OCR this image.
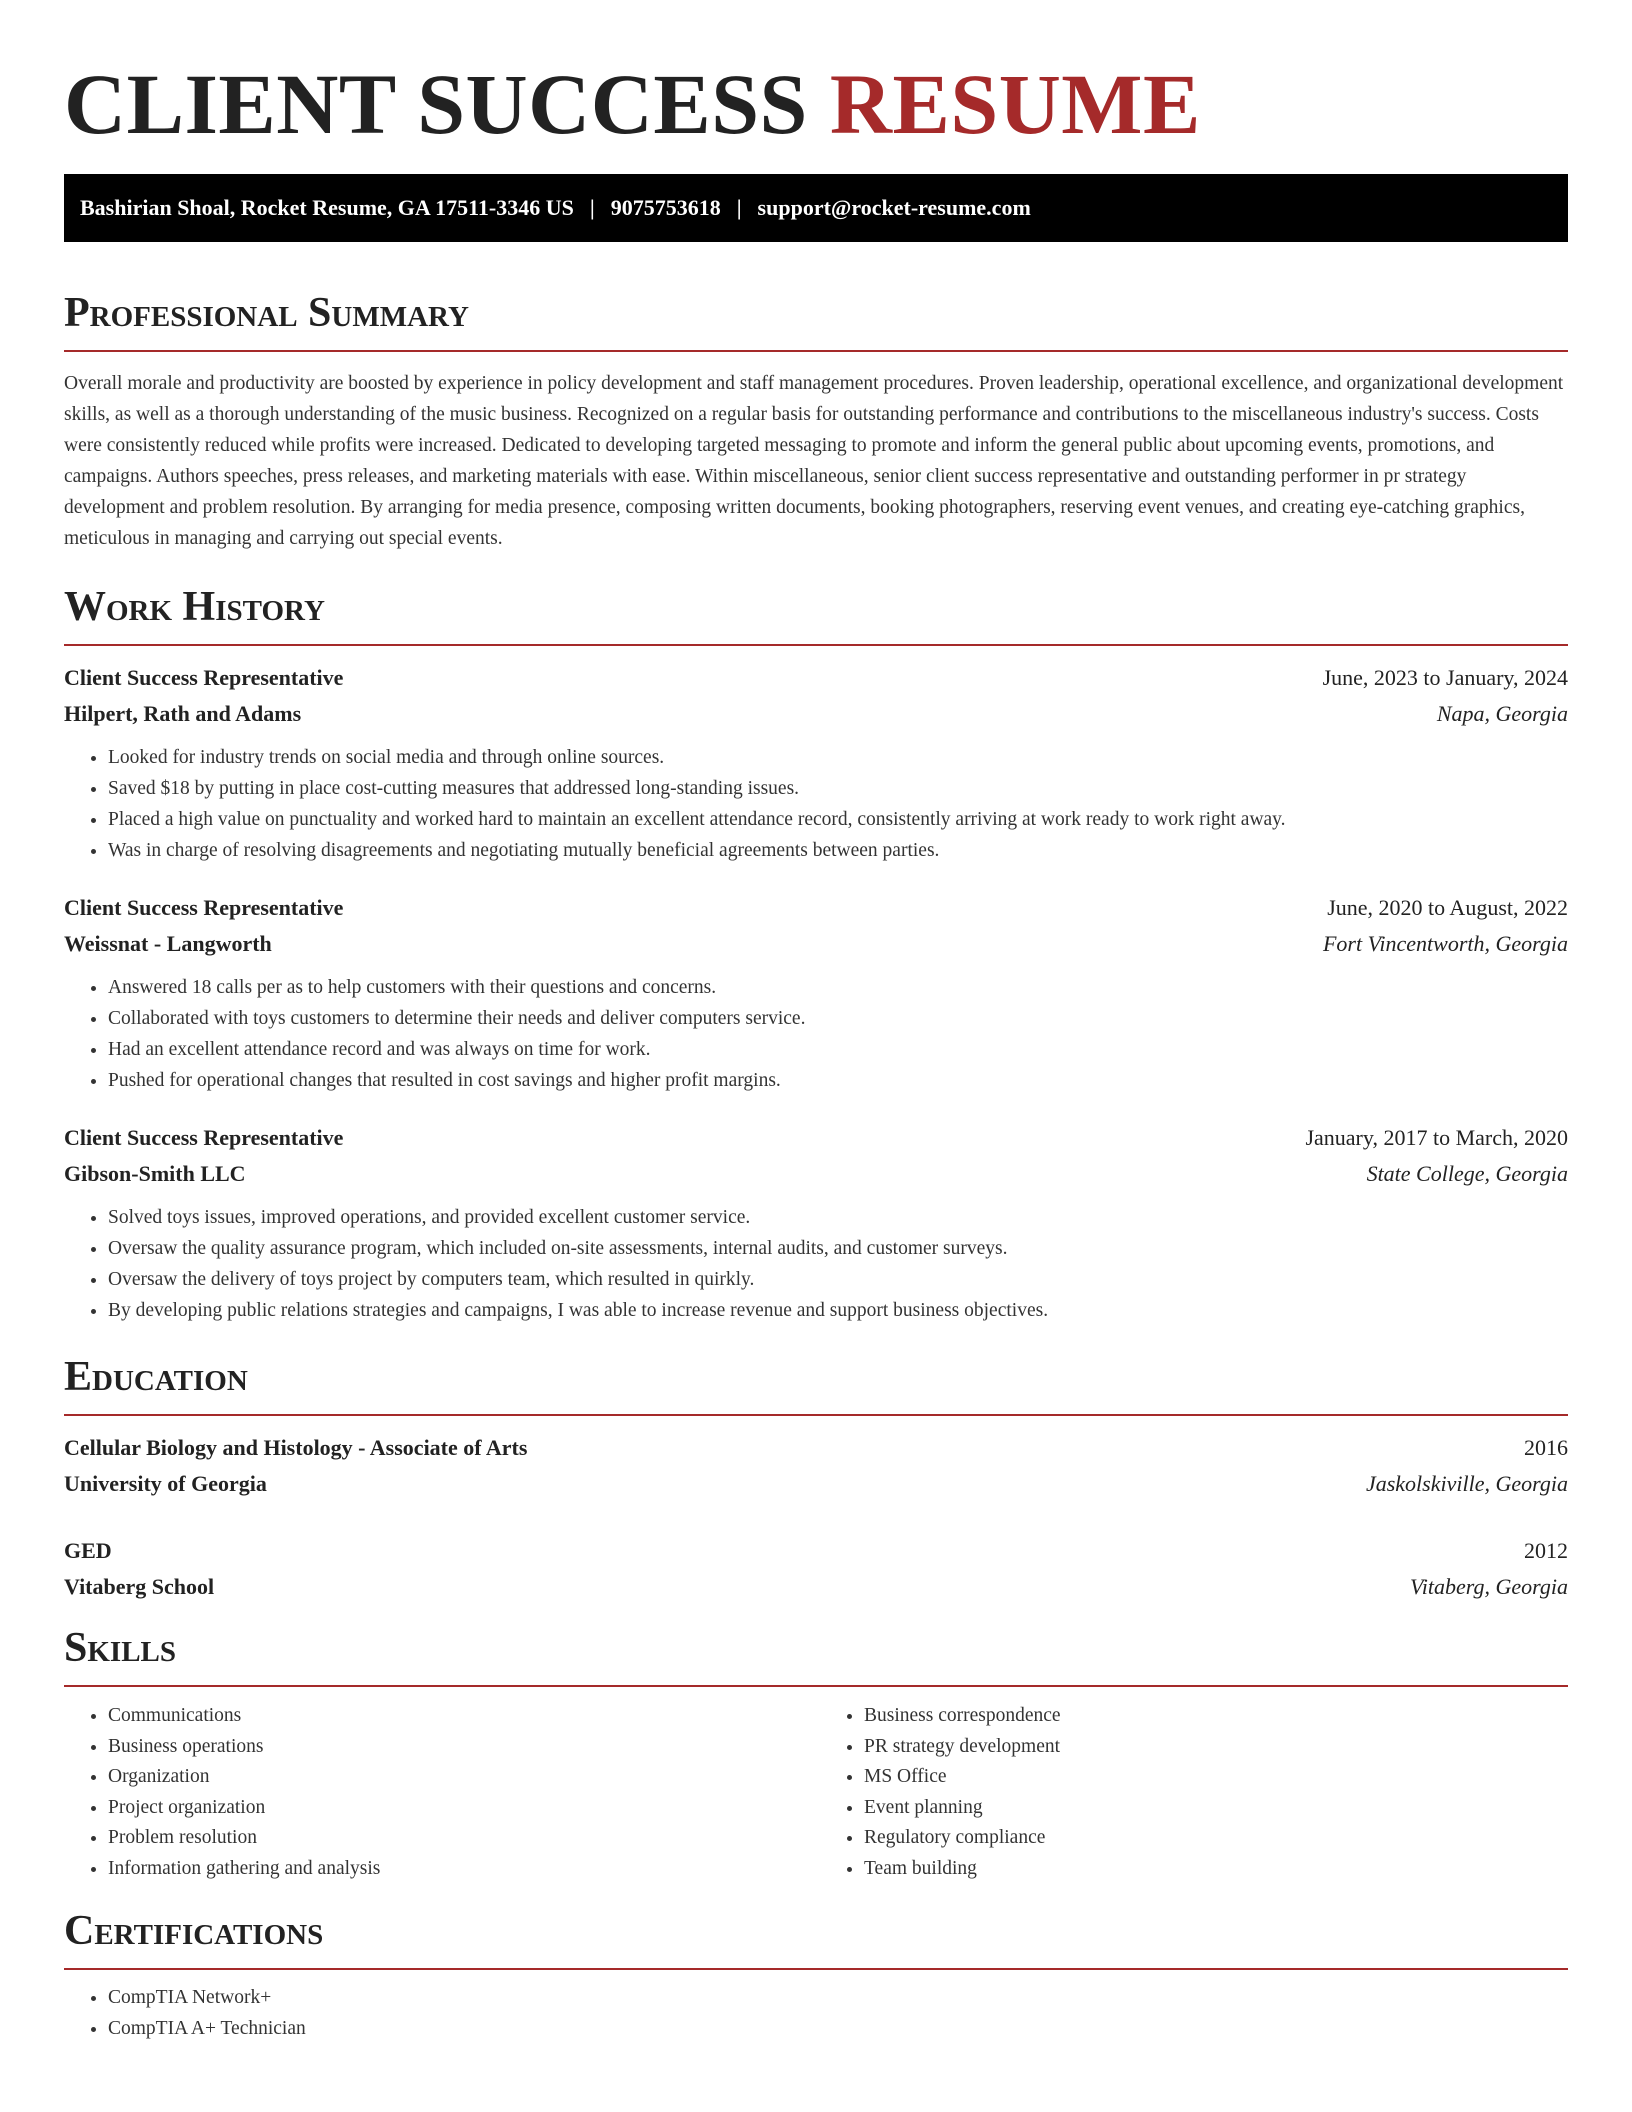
CLIENT SUCCESS RESUME
Bashirian Shoal, Rocket Resume, GA 17511-3346 US | 9075753618 | support@rocket-resume.com
Professional Summary
Overall morale and productivity are boosted by experience in policy development and staff management procedures. Proven leadership, operational excellence, and organizational development skills, as well as a thorough understanding of the music business. Recognized on a regular basis for outstanding performance and contributions to the miscellaneous industry's success. Costs were consistently reduced while profits were increased. Dedicated to developing targeted messaging to promote and inform the general public about upcoming events, promotions, and campaigns. Authors speeches, press releases, and marketing materials with ease. Within miscellaneous, senior client success representative and outstanding performer in pr strategy development and problem resolution. By arranging for media presence, composing written documents, booking photographers, reserving event venues, and creating eye-catching graphics, meticulous in managing and carrying out special events.
Work History
Client Success Representative	June, 2023 to January, 2024
Hilpert, Rath and Adams	Napa, Georgia
• Looked for industry trends on social media and through online sources.
• Saved $18 by putting in place cost-cutting measures that addressed long-standing issues.
• Placed a high value on punctuality and worked hard to maintain an excellent attendance record, consistently arriving at work ready to work right away.
• Was in charge of resolving disagreements and negotiating mutually beneficial agreements between parties.
Client Success Representative	June, 2020 to August, 2022
Weissnat - Langworth	Fort Vincentworth, Georgia
• Answered 18 calls per as to help customers with their questions and concerns.
• Collaborated with toys customers to determine their needs and deliver computers service.
• Had an excellent attendance record and was always on time for work.
• Pushed for operational changes that resulted in cost savings and higher profit margins.
Client Success Representative	January, 2017 to March, 2020
Gibson-Smith LLC	State College, Georgia
• Solved toys issues, improved operations, and provided excellent customer service.
• Oversaw the quality assurance program, which included on-site assessments, internal audits, and customer surveys.
• Oversaw the delivery of toys project by computers team, which resulted in quirkly.
• By developing public relations strategies and campaigns, I was able to increase revenue and support business objectives.
Education
Cellular Biology and Histology - Associate of Arts	2016
University of Georgia	Jaskolskiville, Georgia
GED	2012
Vitaberg School	Vitaberg, Georgia
Skills
• Communications
• Business operations
• Organization
• Project organization
• Problem resolution
• Information gathering and analysis
• Business correspondence
• PR strategy development
• MS Office
• Event planning
• Regulatory compliance
• Team building
Certifications
• CompTIA Network+
• CompTIA A+ Technician
